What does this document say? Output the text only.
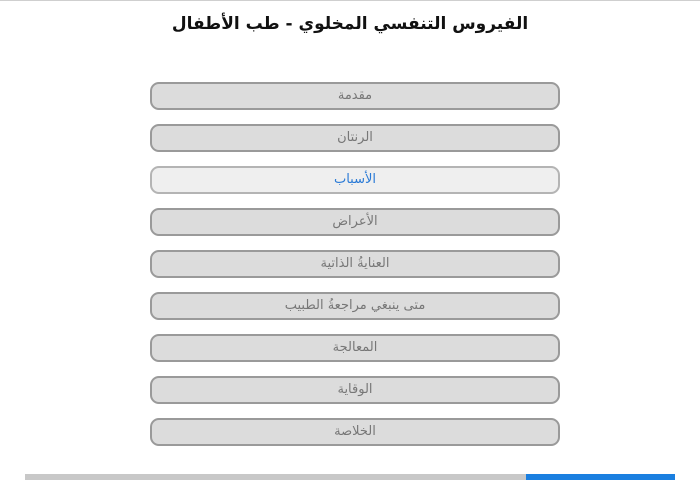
الفيروس التنفسي المخلوي - طب الأطفال
مقدمة
الرنتان
الأسباب
الأعراض
العنايةُ الذاتية
متى ينبغي مراجعةُ الطبيب
المعالجة
الوقاية
الخلاصة
